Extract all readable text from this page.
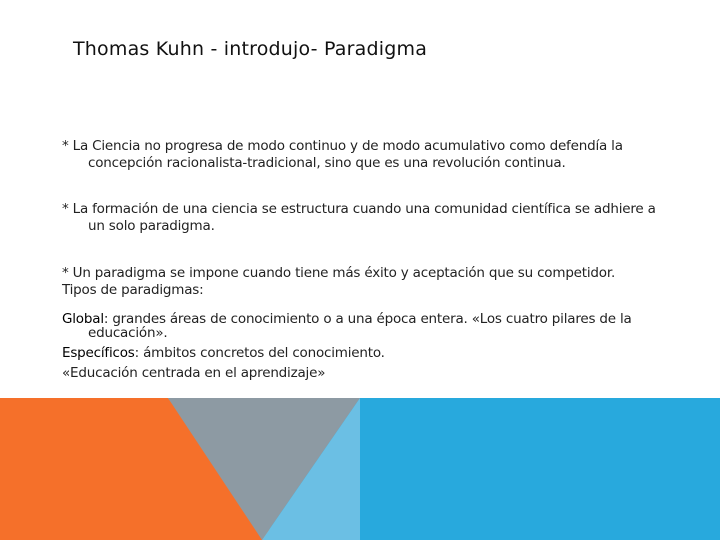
Thomas Kuhn - introdujo- Paradigma

* La Ciencia no progresa de modo continuo y de modo acumulativo como defendía la concepción racionalista-tradicional, sino que es una revolución continua.

* La formación de una ciencia se estructura cuando una comunidad científica se adhiere a un solo paradigma.

* Un paradigma se impone cuando tiene más éxito y aceptación que su competidor.

Tipos de paradigmas:

Global: grandes áreas de conocimiento o a una época entera. «Los cuatro pilares de la educación».

Específicos: ámbitos concretos del conocimiento.

«Educación centrada en el aprendizaje»
